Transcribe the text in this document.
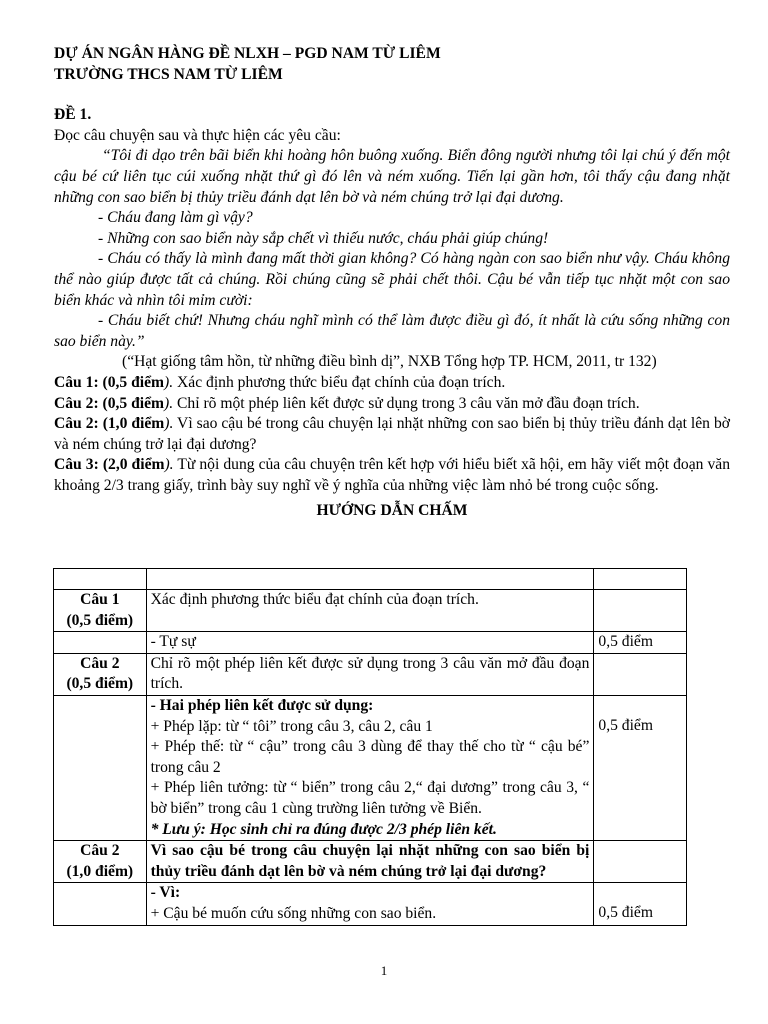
DỰ ÁN NGÂN HÀNG ĐỀ NLXH – PGD NAM TỪ LIÊM
TRƯỜNG THCS NAM TỪ LIÊM
ĐỀ 1.
Đọc câu chuyện sau và thực hiện các yêu cầu:
“Tôi đi dạo trên bãi biển khi hoàng hôn buông xuống. Biển đông người nhưng tôi lại chú ý đến một cậu bé cứ liên tục cúi xuống nhặt thứ gì đó lên và ném xuống. Tiến lại gần hơn, tôi thấy cậu đang nhặt những con sao biển bị thủy triều đánh dạt lên bờ và ném chúng trở lại đại dương.
- Cháu đang làm gì vậy?
- Những con sao biển này sắp chết vì thiếu nước, cháu phải giúp chúng!
- Cháu có thấy là mình đang mất thời gian không? Có hàng ngàn con sao biển như vậy. Cháu không thể nào giúp được tất cả chúng. Rồi chúng cũng sẽ phải chết thôi. Cậu bé vẫn tiếp tục nhặt một con sao biển khác và nhìn tôi mỉm cười:
- Cháu biết chứ! Nhưng cháu nghĩ mình có thể làm được điều gì đó, ít nhất là cứu sống những con sao biển này.”
(“Hạt giống tâm hồn, từ những điều bình dị”, NXB Tổng hợp TP. HCM, 2011, tr 132)
Câu 1: (0,5 điểm). Xác định phương thức biểu đạt chính của đoạn trích.
Câu 2: (0,5 điểm). Chỉ rõ một phép liên kết được sử dụng trong 3 câu văn mở đầu đoạn trích.
Câu 2: (1,0 điểm). Vì sao cậu bé trong câu chuyện lại nhặt những con sao biển bị thủy triều đánh dạt lên bờ và ném chúng trở lại đại dương?
Câu 3: (2,0 điểm). Từ nội dung của câu chuyện trên kết hợp với hiểu biết xã hội, em hãy viết một đoạn văn khoảng 2/3 trang giấy, trình bày suy nghĩ về ý nghĩa của những việc làm nhỏ bé trong cuộc sống.
HƯỚNG DẪN CHẤM

Câu 1
(0,5 điểm)	Xác định phương thức biểu đạt chính của đoạn trích.	
	- Tự sự	0,5 điểm

Câu 2
(0,5 điểm)	Chỉ rõ một phép liên kết được sử dụng trong 3 câu văn mở đầu đoạn trích.	

	- Hai phép liên kết được sử dụng:
+ Phép lặp: từ “ tôi” trong câu 3, câu 2, câu 1
+ Phép thế: từ “ cậu” trong câu 3 dùng để thay thế cho từ “ cậu bé” trong câu 2
+ Phép liên tưởng: từ “ biển” trong câu 2,“ đại dương” trong câu 3, “ bờ biển” trong câu 1 cùng trường liên tưởng về Biển.
* Lưu ý: Học sinh chỉ ra đúng được 2/3 phép liên kết.	0,5 điểm

Câu 2
(1,0 điểm)	Vì sao cậu bé trong câu chuyện lại nhặt những con sao biển bị thủy triều đánh dạt lên bờ và ném chúng trở lại đại dương?	

	- Vì:
+ Cậu bé muốn cứu sống những con sao biển.	0,5 điểm
1
